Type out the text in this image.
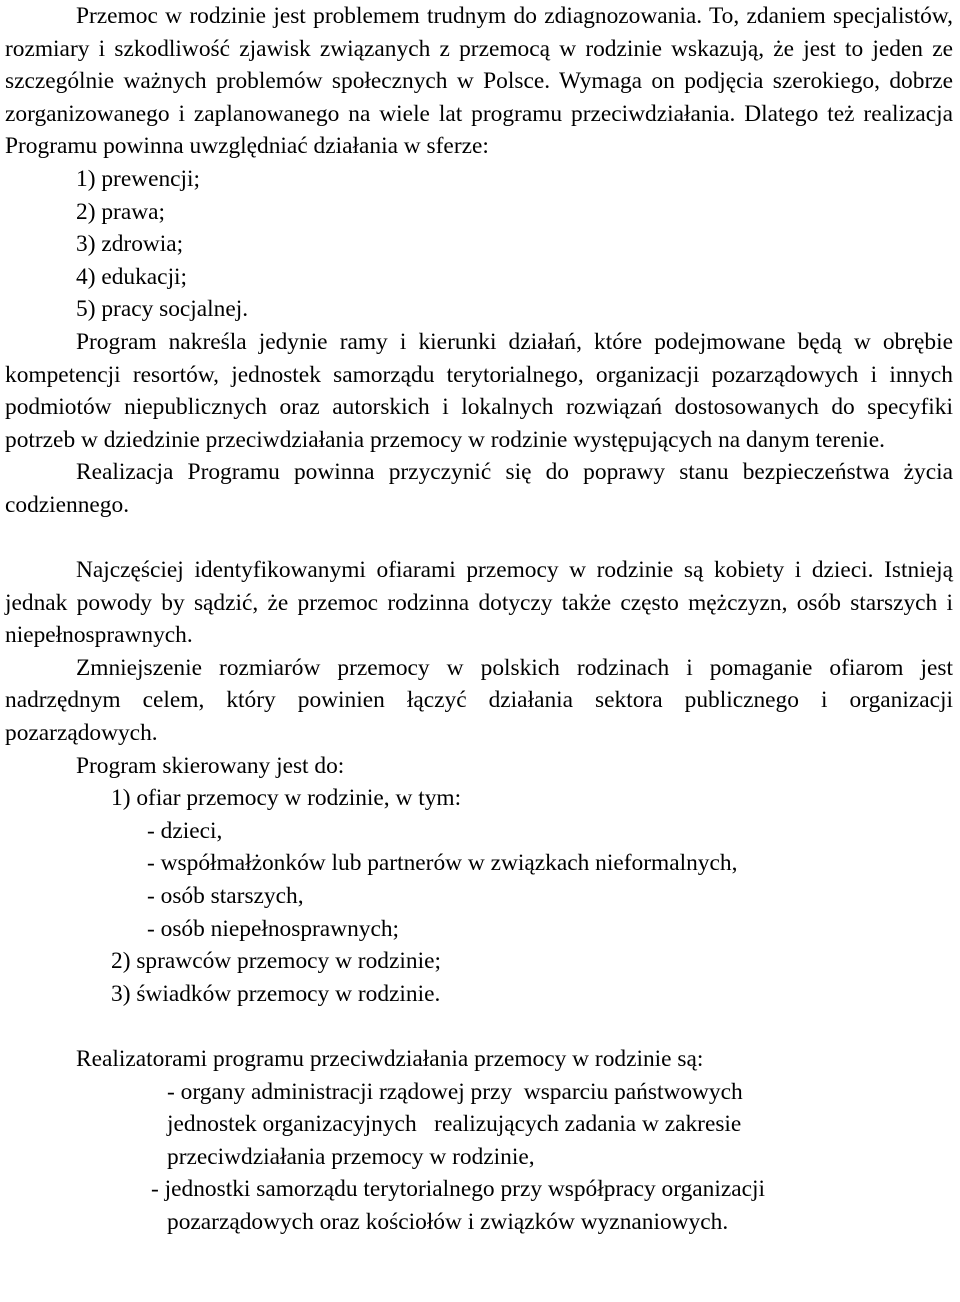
Przemoc w rodzinie jest problemem trudnym do zdiagnozowania. To, zdaniem specjalistów, rozmiary i szkodliwość zjawisk związanych z przemocą w rodzinie wskazują, że jest to jeden ze szczególnie ważnych problemów społecznych w Polsce. Wymaga on podjęcia szerokiego, dobrze zorganizowanego i zaplanowanego na wiele lat programu przeciwdziałania. Dlatego też realizacja Programu powinna uwzględniać działania w sferze:

1) prewencji;
2) prawa;
3) zdrowia;
4) edukacji;
5) pracy socjalnej.

Program nakreśla jedynie ramy i kierunki działań, które podejmowane będą w obrębie kompetencji resortów, jednostek samorządu terytorialnego, organizacji pozarządowych i innych podmiotów niepublicznych oraz autorskich i lokalnych rozwiązań dostosowanych do specyfiki potrzeb w dziedzinie przeciwdziałania przemocy w rodzinie występujących na danym terenie.

Realizacja Programu powinna przyczynić się do poprawy stanu bezpieczeństwa życia codziennego.

Najczęściej identyfikowanymi ofiarami przemocy w rodzinie są kobiety i dzieci. Istnieją jednak powody by sądzić, że przemoc rodzinna dotyczy także często mężczyzn, osób starszych i niepełnosprawnych.

Zmniejszenie rozmiarów przemocy w polskich rodzinach i pomaganie ofiarom jest nadrzędnym celem, który powinien łączyć działania sektora publicznego i organizacji pozarządowych.

Program skierowany jest do:

1) ofiar przemocy w rodzinie, w tym:
- dzieci,
- współmałżonków lub partnerów w związkach nieformalnych,
- osób starszych,
- osób niepełnosprawnych;
2) sprawców przemocy w rodzinie;
3) świadków przemocy w rodzinie.

Realizatorami programu przeciwdziałania przemocy w rodzinie są:

- organy administracji rządowej przy  wsparciu państwowych
jednostek organizacyjnych   realizujących zadania w zakresie
przeciwdziałania przemocy w rodzinie,
- jednostki samorządu terytorialnego przy współpracy organizacji
pozarządowych oraz kościołów i związków wyznaniowych.
